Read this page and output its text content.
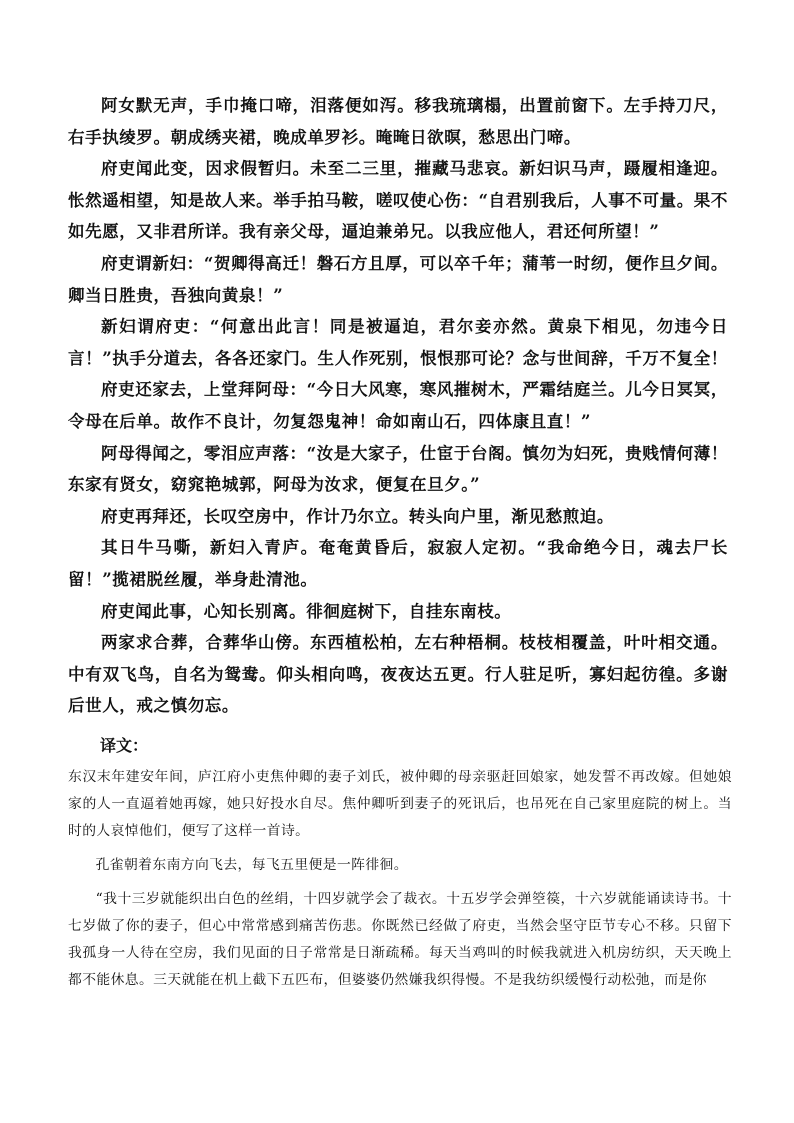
阿女默无声，手巾掩口啼，泪落便如泻。移我琉璃榻，出置前窗下。左手持刀尺，右手执绫罗。朝成绣夹裙，晚成单罗衫。晻晻日欲暝，愁思出门啼。

府吏闻此变，因求假暂归。未至二三里，摧藏马悲哀。新妇识马声，蹑履相逢迎。怅然遥相望，知是故人来。举手拍马鞍，嗟叹使心伤：“自君别我后，人事不可量。果不如先愿，又非君所详。我有亲父母，逼迫兼弟兄。以我应他人，君还何所望！”

府吏谓新妇：“贺卿得高迁！磐石方且厚，可以卒千年；蒲苇一时纫，便作旦夕间。卿当日胜贵，吾独向黄泉！”

新妇谓府吏：“何意出此言！同是被逼迫，君尔妾亦然。黄泉下相见，勿违今日言！”执手分道去，各各还家门。生人作死别，恨恨那可论？念与世间辞，千万不复全！

府吏还家去，上堂拜阿母：“今日大风寒，寒风摧树木，严霜结庭兰。儿今日冥冥，令母在后单。故作不良计，勿复怨鬼神！命如南山石，四体康且直！”

阿母得闻之，零泪应声落：“汝是大家子，仕宦于台阁。慎勿为妇死，贵贱情何薄！东家有贤女，窈窕艳城郭，阿母为汝求，便复在旦夕。”

府吏再拜还，长叹空房中，作计乃尔立。转头向户里，渐见愁煎迫。

其日牛马嘶，新妇入青庐。奄奄黄昏后，寂寂人定初。“我命绝今日，魂去尸长留！”揽裙脱丝履，举身赴清池。

府吏闻此事，心知长别离。徘徊庭树下，自挂东南枝。

两家求合葬，合葬华山傍。东西植松柏，左右种梧桐。枝枝相覆盖，叶叶相交通。中有双飞鸟，自名为鸳鸯。仰头相向鸣，夜夜达五更。行人驻足听，寡妇起彷徨。多谢后世人，戒之慎勿忘。

译文：

东汉末年建安年间，庐江府小吏焦仲卿的妻子刘氏，被仲卿的母亲驱赶回娘家，她发誓不再改嫁。但她娘家的人一直逼着她再嫁，她只好投水自尽。焦仲卿听到妻子的死讯后，也吊死在自己家里庭院的树上。当时的人哀悼他们，便写了这样一首诗。

孔雀朝着东南方向飞去，每飞五里便是一阵徘徊。

“我十三岁就能织出白色的丝绢，十四岁就学会了裁衣。十五岁学会弹箜篌，十六岁就能诵读诗书。十七岁做了你的妻子，但心中常常感到痛苦伤悲。你既然已经做了府吏，当然会坚守臣节专心不移。只留下我孤身一人待在空房，我们见面的日子常常是日渐疏稀。每天当鸡叫的时候我就进入机房纺织，天天晚上都不能休息。三天就能在机上截下五匹布，但婆婆仍然嫌我织得慢。不是我纺织缓慢行动松弛，而是你
